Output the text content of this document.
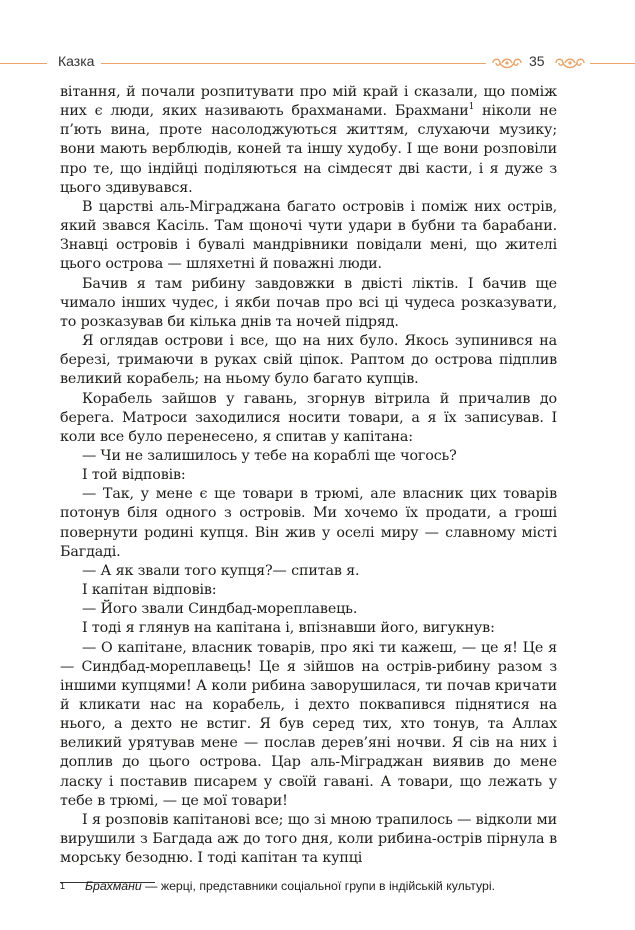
Казка	35

вітання, й почали розпитувати про мій край і сказали, що поміж них є люди, яких називають брахманами. Брахмани$^1$ ніколи не п’ють вина, проте насолоджуються життям, слухаючи музику; вони мають верблюдів, коней та іншу худобу. І ще вони розповіли про те, що індійці поділяються на сімдесят дві касти, і я дуже з цього здивувався.

В царстві аль-Міграджана багато островів і поміж них острів, який звався Касіль. Там щоночі чути удари в бубни та барабани. Знавці островів і бувалі мандрівники повідали мені, що жителі цього острова — шляхетні й поважні люди.

Бачив я там рибину завдовжки в двісті ліктів. І бачив ще чимало інших чудес, і якби почав про всі ці чудеса розказувати, то розказував би кілька днів та ночей підряд.

Я оглядав острови і все, що на них було. Якось зупинився на березі, тримаючи в руках свій ціпок. Раптом до острова підплив великий корабель; на ньому було багато купців.

Корабель зайшов у гавань, згорнув вітрила й причалив до берега. Матроси заходилися носити товари, а я їх записував. І коли все було перенесено, я спитав у капітана:

— Чи не залишилось у тебе на кораблі ще чогось?

І той відповів:

— Так, у мене є ще товари в трюмі, але власник цих товарів потонув біля одного з островів. Ми хочемо їх продати, а гроші повернути родині купця. Він жив у оселі миру — славному місті Багдаді.

— А як звали того купця?— спитав я.

І капітан відповів:

— Його звали Синдбад-мореплавець.

І тоді я глянув на капітана і, впізнавши його, вигукнув:

— О капітане, власник товарів, про які ти кажеш, — це я! Це я — Синдбад-мореплавець! Це я зійшов на острів-рибину разом з іншими купцями! А коли рибина заворушилася, ти почав кричати й кликати нас на корабель, і дехто поквапився піднятися на нього, а дехто не встиг. Я був серед тих, хто тонув, та Аллах великий урятував мене — послав дерев’яні ночви. Я сів на них і доплив до цього острова. Цар аль-Міграджан виявив до мене ласку і поставив писарем у своїй гавані. А товари, що лежать у тебе в трюмі, — це мої товари!

І я розповів капітанові все; що зі мною трапилось — відколи ми вирушили з Багдада аж до того дня, коли рибина-острів пірнула в морську безодню. І тоді капітан та купці

1 Брахмани — жерці, представники соціальної групи в індійській культурі.
